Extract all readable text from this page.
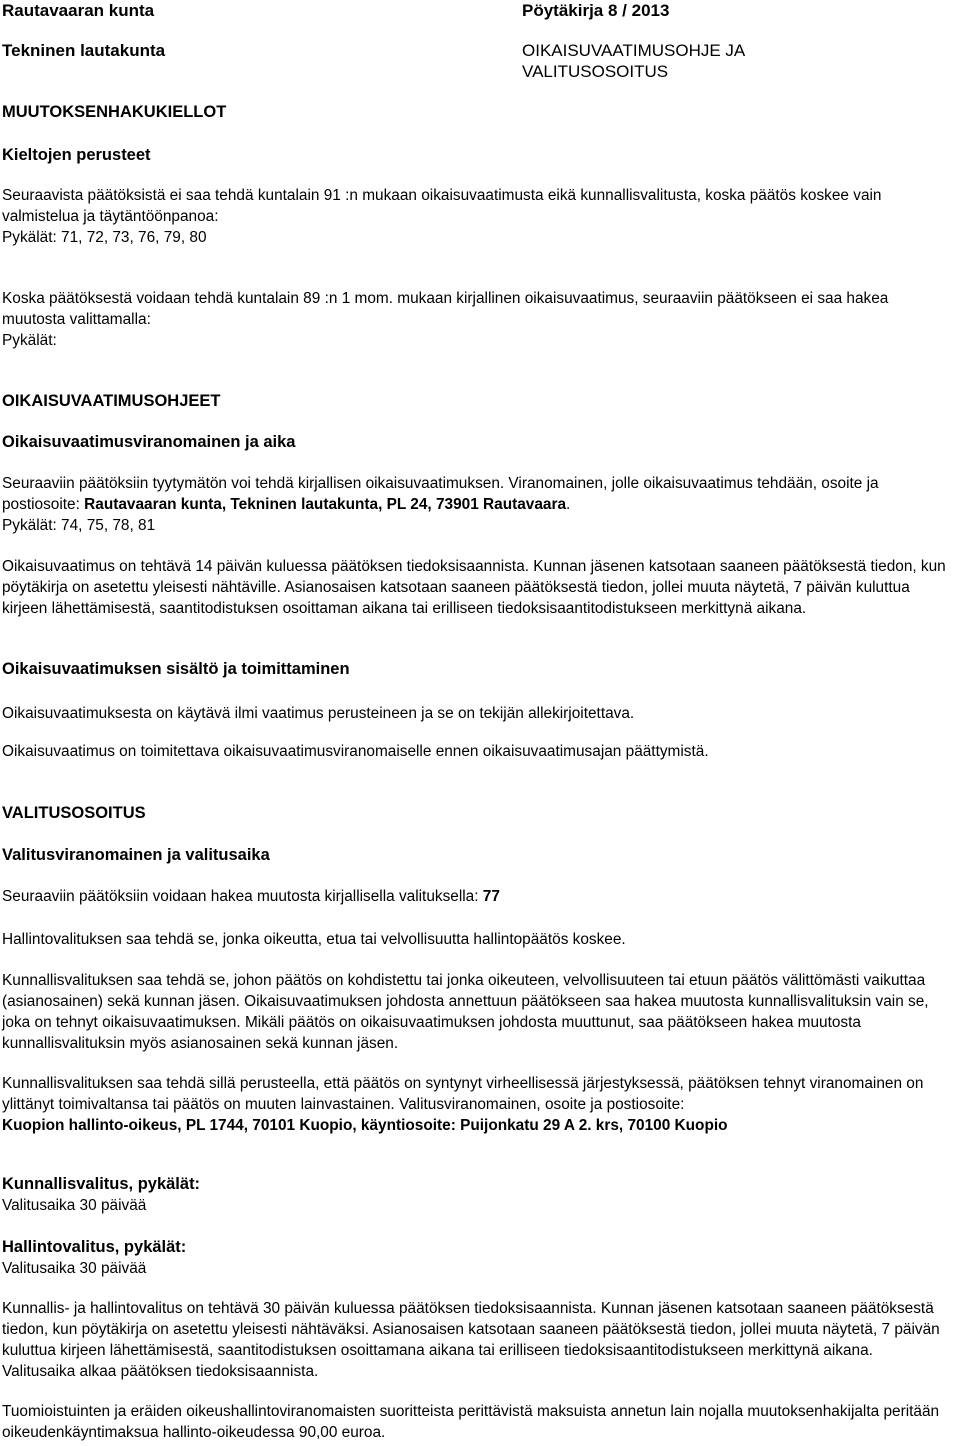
Rautavaaran kunta	Pöytäkirja 8 / 2013
Tekninen lautakunta	OIKAISUVAATIMUSOHJE JA
VALITUSOSOITUS
MUUTOKSENHAKUKIELLOT
Kieltojen perusteet

Seuraavista päätöksistä ei saa tehdä kuntalain 91 :n mukaan oikaisuvaatimusta eikä kunnallisvalitusta, koska päätös koskee vain valmistelua ja täytäntöönpanoa:

Pykälät: 71, 72, 73, 76, 79, 80

Koska päätöksestä voidaan tehdä kuntalain 89 :n 1 mom. mukaan kirjallinen oikaisuvaatimus, seuraaviin päätökseen ei saa hakea muutosta valittamalla:

Pykälät:

OIKAISUVAATIMUSOHJEET
Oikaisuvaatimusviranomainen ja aika

Seuraaviin päätöksiin tyytymätön voi tehdä kirjallisen oikaisuvaatimuksen. Viranomainen, jolle oikaisuvaatimus tehdään, osoite ja postiosoite: Rautavaaran kunta, Tekninen lautakunta, PL 24, 73901 Rautavaara.

Pykälät: 74, 75, 78, 81

Oikaisuvaatimus on tehtävä 14 päivän kuluessa päätöksen tiedoksisaannista. Kunnan jäsenen katsotaan saaneen päätöksestä tiedon, kun pöytäkirja on asetettu yleisesti nähtäville. Asianosaisen katsotaan saaneen päätöksestä tiedon, jollei muuta näytetä, 7 päivän kuluttua kirjeen lähettämisestä, saantitodistuksen osoittaman aikana tai erilliseen tiedoksisaantitodistukseen merkittynä aikana.
Oikaisuvaatimuksen sisältö ja toimittaminen
Oikaisuvaatimuksesta on käytävä ilmi vaatimus perusteineen ja se on tekijän allekirjoitettava.
Oikaisuvaatimus on toimitettava oikaisuvaatimusviranomaiselle ennen oikaisuvaatimusajan päättymistä.
VALITUSOSOITUS
Valitusviranomainen ja valitusaika
Seuraaviin päätöksiin voidaan hakea muutosta kirjallisella valituksella: 77
Hallintovalituksen saa tehdä se, jonka oikeutta, etua tai velvollisuutta hallintopäätös koskee.
Kunnallisvalituksen saa tehdä se, johon päätös on kohdistettu tai jonka oikeuteen, velvollisuuteen tai etuun päätös välittömästi vaikuttaa (asianosainen) sekä kunnan jäsen. Oikaisuvaatimuksen johdosta annettuun päätökseen saa hakea muutosta kunnallisvalituksin vain se, joka on tehnyt oikaisuvaatimuksen. Mikäli päätös on oikaisuvaatimuksen johdosta muuttunut, saa päätökseen hakea muutosta kunnallisvalituksin myös asianosainen sekä kunnan jäsen.

Kunnallisvalituksen saa tehdä sillä perusteella, että päätös on syntynyt virheellisessä järjestyksessä, päätöksen tehnyt viranomainen on ylittänyt toimivaltansa tai päätös on muuten lainvastainen. Valitusviranomainen, osoite ja postiosoite:

Kuopion hallinto-oikeus, PL 1744, 70101 Kuopio, käyntiosoite: Puijonkatu 29 A 2. krs, 70100 Kuopio

Kunnallisvalitus, pykälät:

Valitusaika 30 päivää

Hallintovalitus, pykälät:

Valitusaika 30 päivää

Kunnallis- ja hallintovalitus on tehtävä 30 päivän kuluessa päätöksen tiedoksisaannista. Kunnan jäsenen katsotaan saaneen päätöksestä tiedon, kun pöytäkirja on asetettu yleisesti nähtäväksi. Asianosaisen katsotaan saaneen päätöksestä tiedon, jollei muuta näytetä, 7 päivän kuluttua kirjeen lähettämisestä, saantitodistuksen osoittamana aikana tai erilliseen tiedoksisaantitodistukseen merkittynä aikana. Valitusaika alkaa päätöksen tiedoksisaannista.
Tuomioistuinten ja eräiden oikeushallintoviranomaisten suoritteista perittävistä maksuista annetun lain nojalla muutoksenhakijalta peritään oikeudenkäyntimaksua hallinto-oikeudessa 90,00 euroa.
